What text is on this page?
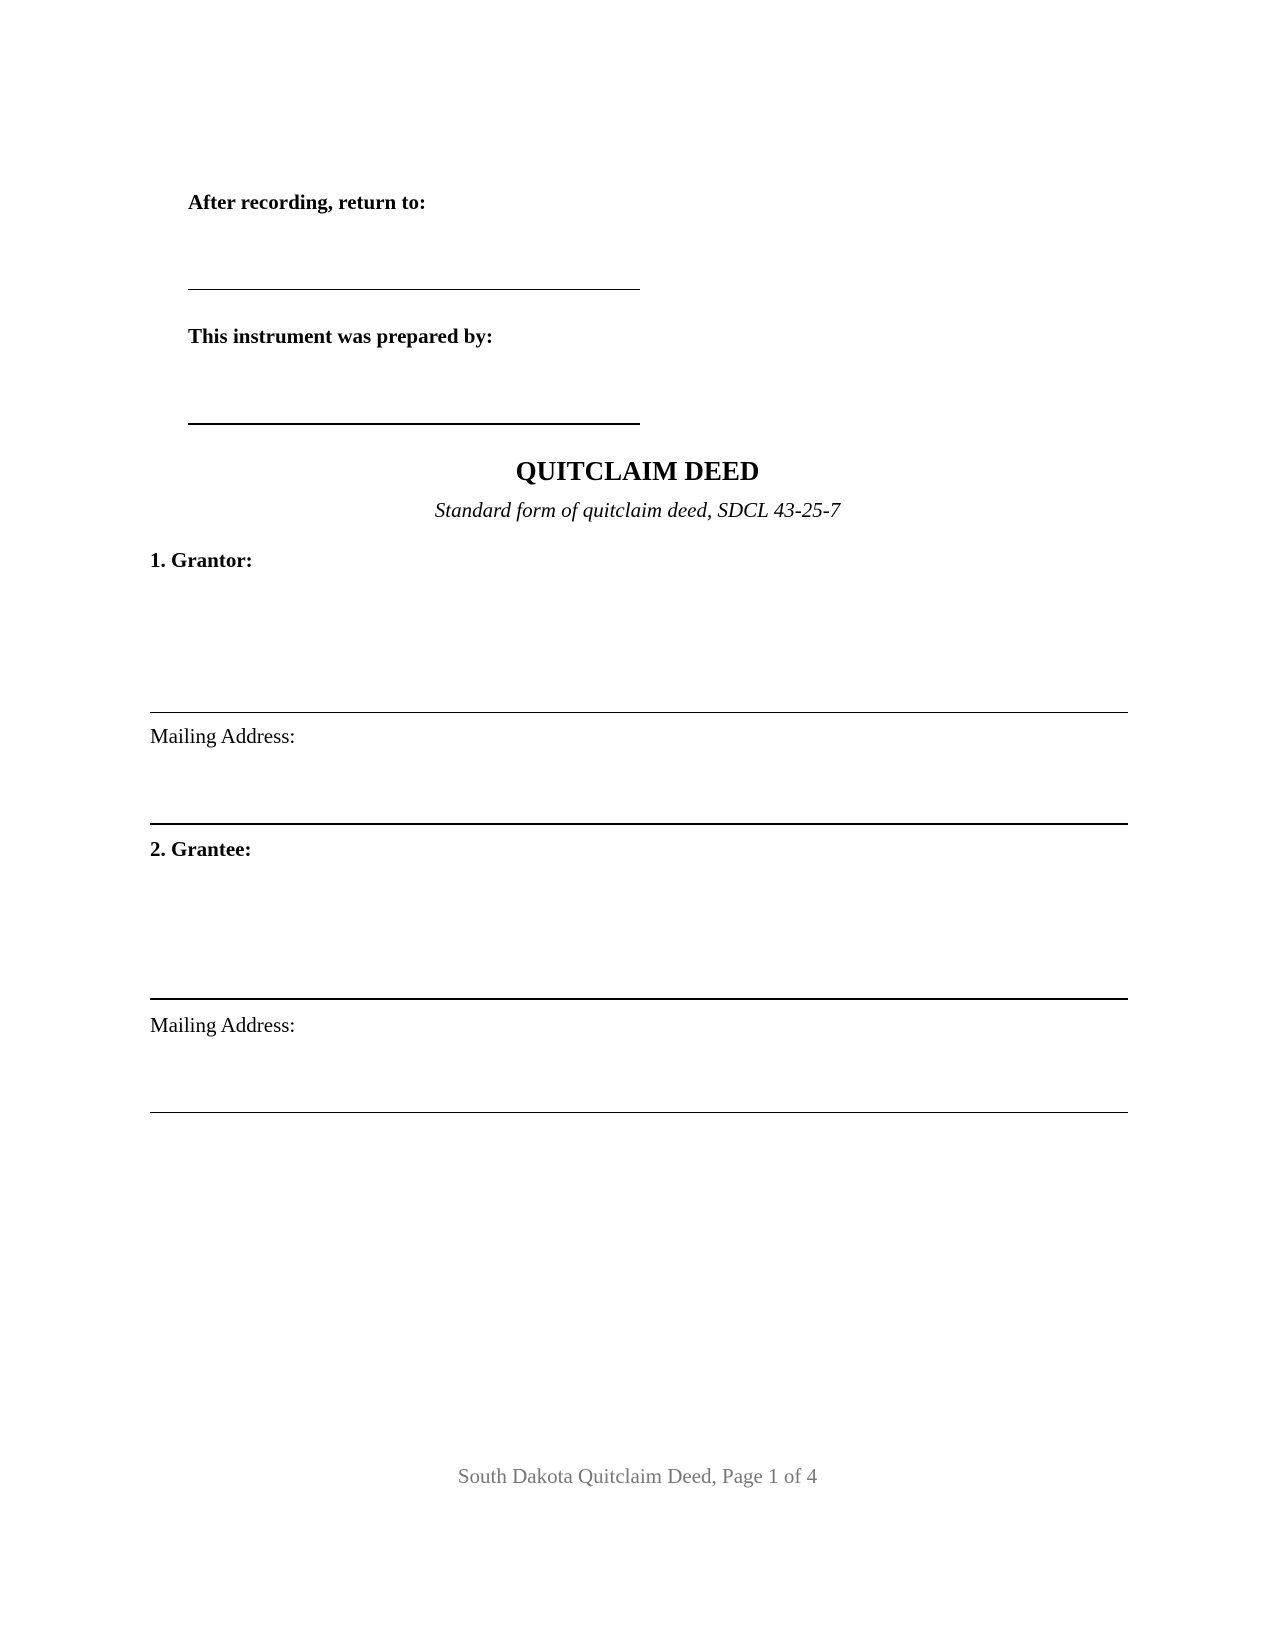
After recording, return to:
This instrument was prepared by:
QUITCLAIM DEED
Standard form of quitclaim deed, SDCL 43-25-7
1. Grantor:
Mailing Address:
2. Grantee:
Mailing Address:
South Dakota Quitclaim Deed, Page 1 of 4
